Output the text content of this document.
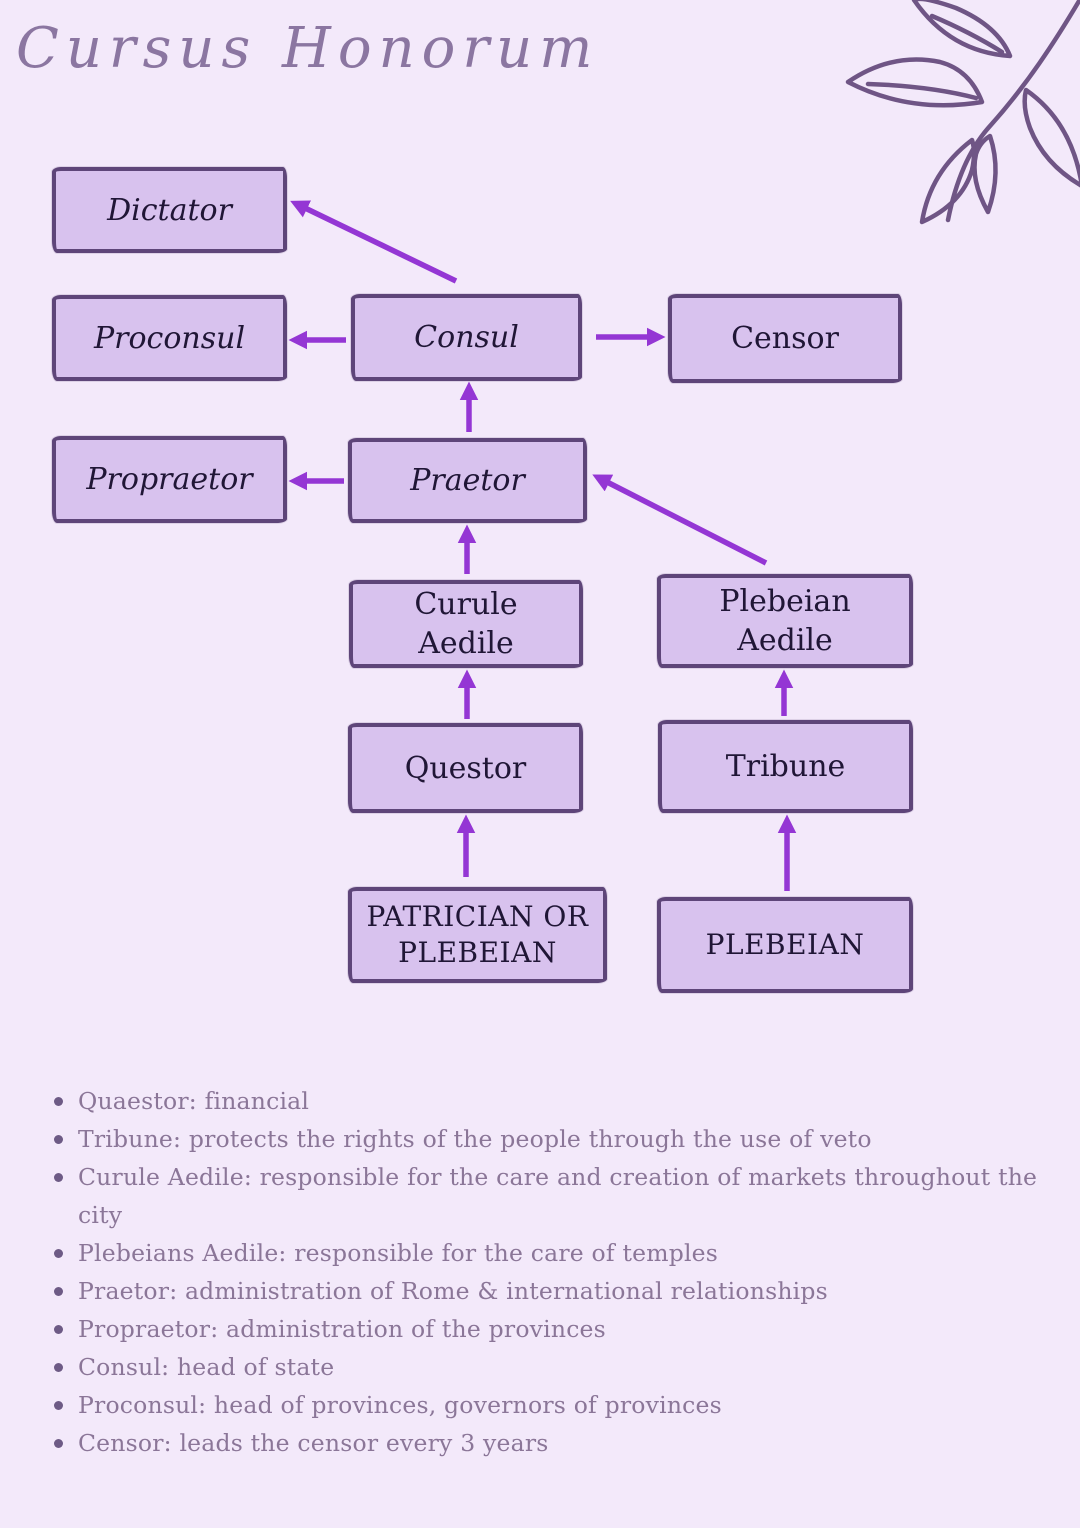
Cursus Honorum
Dictator
Proconsul	Consul	Censor
Propraetor	Praetor
Curule Aedile
Plebeian Aedile
Questor	Tribune
PATRICIAN OR PLEBEIAN	PLEBEIAN
Quaestor: financial
Tribune: protects the rights of the people through the use of veto
Curule Aedile: responsible for the care and creation of markets throughout the city
Plebeians Aedile: responsible for the care of temples
Praetor: administration of Rome & international relationships
Propraetor: administration of the provinces
Consul: head of state
Proconsul: head of provinces, governors of provinces
Censor: leads the censor every 3 years
